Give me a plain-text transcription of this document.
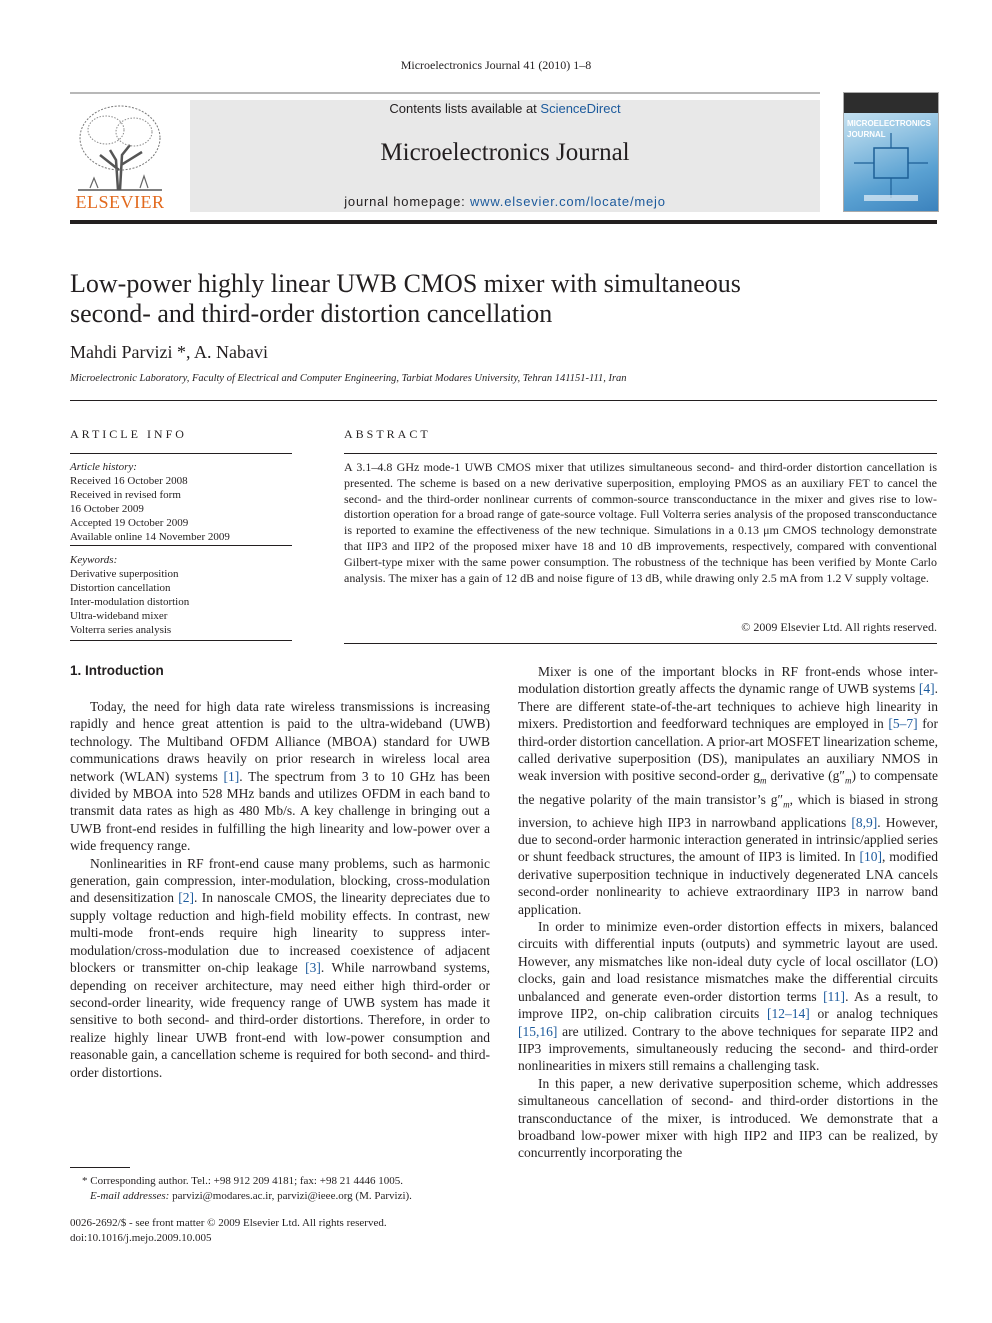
Microelectronics Journal 41 (2010) 1–8
ELSEVIER
Contents lists available at ScienceDirect
Microelectronics Journal
journal homepage: www.elsevier.com/locate/mejo
MICROELECTRONICS JOURNAL
Low-power highly linear UWB CMOS mixer with simultaneous
second- and third-order distortion cancellation
Mahdi Parvizi *, A. Nabavi
Microelectronic Laboratory, Faculty of Electrical and Computer Engineering, Tarbiat Modares University, Tehran 141151-111, Iran
ARTICLE INFO	ABSTRACT
Article history:
Received 16 October 2008
Received in revised form
16 October 2009
Accepted 19 October 2009
Available online 14 November 2009
Keywords:
Derivative superposition
Distortion cancellation
Inter-modulation distortion
Ultra-wideband mixer
Volterra series analysis
A 3.1–4.8 GHz mode-1 UWB CMOS mixer that utilizes simultaneous second- and third-order distortion cancellation is presented. The scheme is based on a new derivative superposition, employing PMOS as an auxiliary FET to cancel the second- and the third-order nonlinear currents of common-source transconductance in the mixer and gives rise to low-distortion operation for a broad range of gate-source voltage. Full Volterra series analysis of the proposed transconductance is reported to examine the effectiveness of the new technique. Simulations in a 0.13 μm CMOS technology demonstrate that IIP3 and IIP2 of the proposed mixer have 18 and 10 dB improvements, respectively, compared with conventional Gilbert-type mixer with the same power consumption. The robustness of the technique has been verified by Monte Carlo analysis. The mixer has a gain of 12 dB and noise figure of 13 dB, while drawing only 2.5 mA from 1.2 V supply voltage.
© 2009 Elsevier Ltd. All rights reserved.
1. Introduction

Today, the need for high data rate wireless transmissions is increasing rapidly and hence great attention is paid to the ultra-wideband (UWB) technology. The Multiband OFDM Alliance (MBOA) standard for UWB communications draws heavily on prior research in wireless local area network (WLAN) systems [1]. The spectrum from 3 to 10 GHz has been divided by MBOA into 528 MHz bands and utilizes OFDM in each band to transmit data rates as high as 480 Mb/s. A key challenge in bringing out a UWB front-end resides in fulfilling the high linearity and low-power over a wide frequency range.

Nonlinearities in RF front-end cause many problems, such as harmonic generation, gain compression, inter-modulation, blocking, cross-modulation and desensitization [2]. In nanoscale CMOS, the linearity depreciates due to supply voltage reduction and high-field mobility effects. In contrast, new multi-mode front-ends require high linearity to suppress inter-modulation/cross-modulation due to increased coexistence of adjacent blockers or transmitter on-chip leakage [3]. While narrowband systems, depending on receiver architecture, may need either high third-order or second-order linearity, wide frequency range of UWB system has made it sensitive to both second- and third-order distortions. Therefore, in order to realize highly linear UWB front-end with low-power consumption and reasonable gain, a cancellation scheme is required for both second- and third-order distortions.

Mixer is one of the important blocks in RF front-ends whose inter-modulation distortion greatly affects the dynamic range of UWB systems [4]. There are different state-of-the-art techniques to achieve high linearity in mixers. Predistortion and feedforward techniques are employed in [5–7] for third-order distortion cancellation. A prior-art MOSFET linearization scheme, called derivative superposition (DS), manipulates an auxiliary NMOS in weak inversion with positive second-order $g_m$ derivative $(g''_m)$ to compensate the negative polarity of the main transistor’s $g''_m$, which is biased in strong inversion, to achieve high IIP3 in narrowband applications [8,9]. However, due to second-order harmonic interaction generated in intrinsic/applied series or shunt feedback structures, the amount of IIP3 is limited. In [10], modified derivative superposition technique in inductively degenerated LNA cancels second-order nonlinearity to achieve extraordinary IIP3 in narrow band application.

In order to minimize even-order distortion effects in mixers, balanced circuits with differential inputs (outputs) and symmetric layout are used. However, any mismatches like non-ideal duty cycle of local oscillator (LO) clocks, gain and load resistance mismatches make the differential circuits unbalanced and generate even-order distortion terms [11]. As a result, to improve IIP2, on-chip calibration circuits [12–14] or analog techniques [15,16] are utilized. Contrary to the above techniques for separate IIP2 and IIP3 improvements, simultaneously reducing the second- and third-order nonlinearities in mixers still remains a challenging task.

In this paper, a new derivative superposition scheme, which addresses simultaneous cancellation of second- and third-order distortions in the transconductance of the mixer, is introduced. We demonstrate that a broadband low-power mixer with high IIP2 and IIP3 can be realized, by concurrently incorporating the

* Corresponding author. Tel.: +98 912 209 4181; fax: +98 21 4446 1005.
E-mail addresses: parvizi@modares.ac.ir, parvizi@ieee.org (M. Parvizi).
0026-2692/$ - see front matter © 2009 Elsevier Ltd. All rights reserved.
doi:10.1016/j.mejo.2009.10.005
